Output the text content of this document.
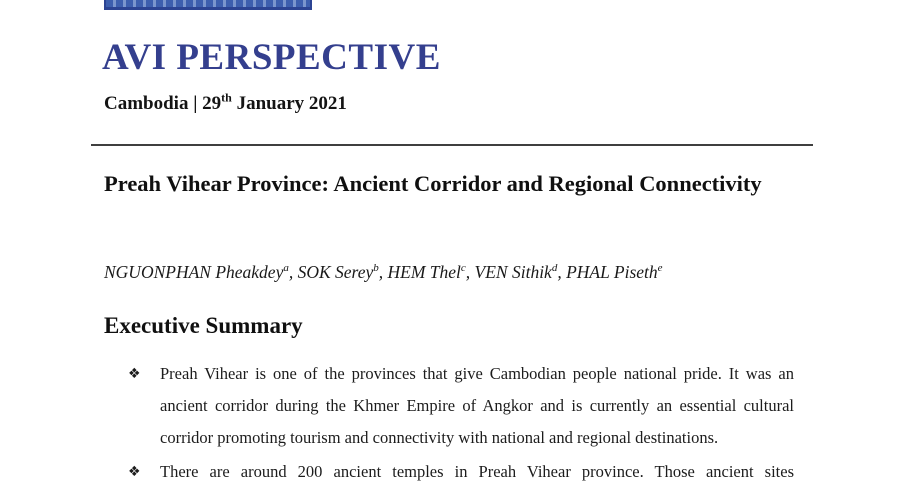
AVI PERSPECTIVE
Cambodia | 29th January 2021
Preah Vihear Province: Ancient Corridor and Regional Connectivity

NGUONPHAN Pheakdey$^a$, SOK Serey$^b$, HEM Thel$^c$, VEN Sithik$^d$, PHAL Piseth$^e$

Executive Summary
❖ Preah Vihear is one of the provinces that give Cambodian people national pride. It was an ancient corridor during the Khmer Empire of Angkor and is currently an essential cultural corridor promoting tourism and connectivity with national and regional destinations.
❖ There are around 200 ancient temples in Preah Vihear province. Those ancient sites
